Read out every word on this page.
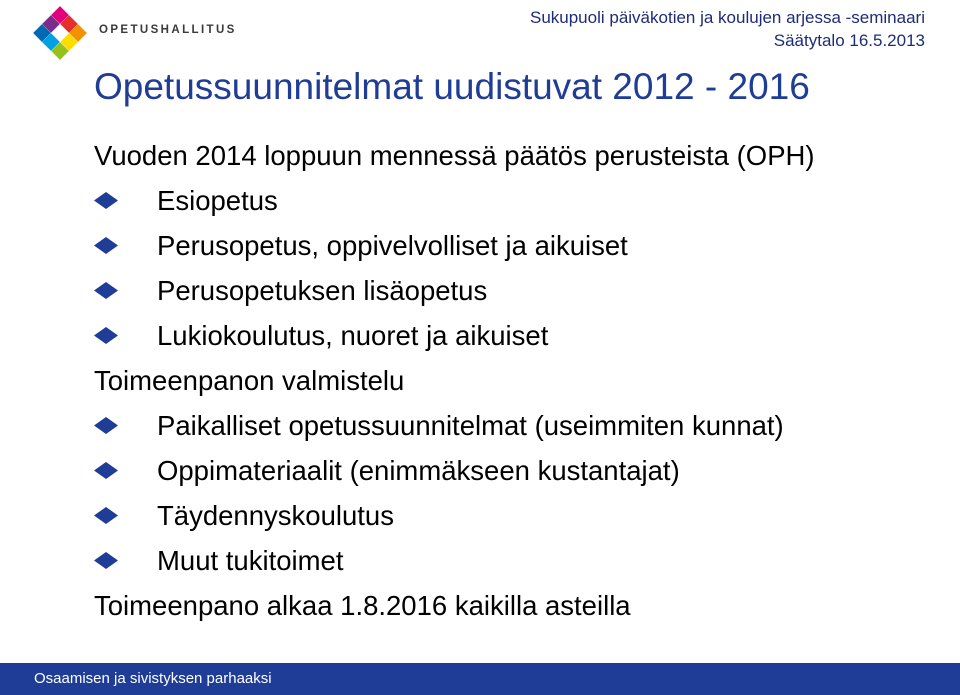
OPETUSHALLITUS
Sukupuoli päiväkotien ja koulujen arjessa -seminaari
Säätytalo 16.5.2013
Opetussuunnitelmat uudistuvat 2012 - 2016
Vuoden 2014 loppuun mennessä päätös perusteista (OPH)
Esiopetus
Perusopetus, oppivelvolliset ja aikuiset
Perusopetuksen lisäopetus
Lukiokoulutus, nuoret ja aikuiset
Toimeenpanon valmistelu
Paikalliset opetussuunnitelmat (useimmiten kunnat)
Oppimateriaalit (enimmäkseen kustantajat)
Täydennyskoulutus
Muut tukitoimet
Toimeenpano alkaa 1.8.2016 kaikilla asteilla
Osaamisen ja sivistyksen parhaaksi
